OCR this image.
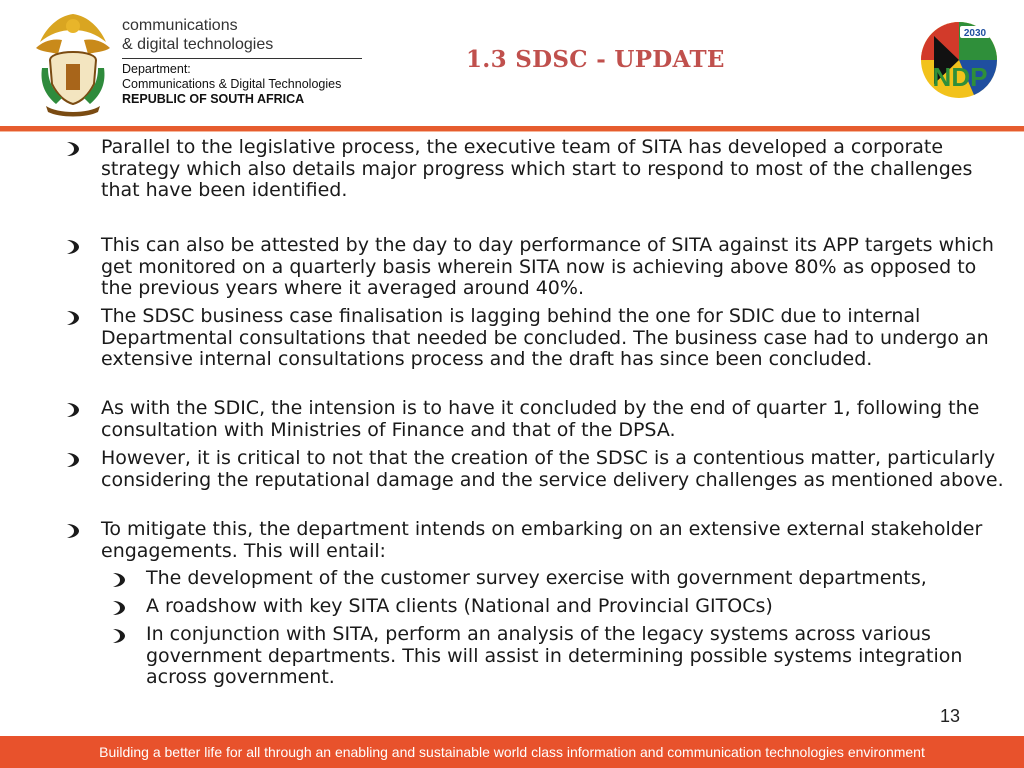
communications
& digital technologies
Department:
Communications & Digital Technologies
REPUBLIC OF SOUTH AFRICA
1.3 SDSC - UPDATE
2030
NDP
Parallel to the legislative process, the executive team of SITA has developed a corporate strategy which also details major progress which start to respond to most of the challenges that have been identified.
This can also be attested by the day to day performance of SITA against its APP targets which get monitored on a quarterly basis wherein SITA now is achieving above 80% as opposed to the previous years where it averaged around 40%.
The SDSC business case finalisation is lagging behind the one for SDIC due to internal Departmental consultations that needed be concluded. The business case had to undergo an extensive internal consultations process and the draft has since been concluded.
As with the SDIC, the intension is to have it concluded by the end of quarter 1, following the consultation with Ministries of Finance and that of the DPSA.
However, it is critical to not that the creation of the SDSC is a contentious matter, particularly considering the reputational damage and the service delivery challenges as mentioned above.
To mitigate this, the department intends on embarking on an extensive external stakeholder engagements. This will entail:
The development of the customer survey exercise with government departments,
A roadshow with key SITA clients (National and Provincial GITOCs)
In conjunction with SITA, perform an analysis of the legacy systems across various government departments. This will assist in determining possible systems integration across government.
13
Building a better life for all through an enabling and sustainable world class information and communication technologies environment
